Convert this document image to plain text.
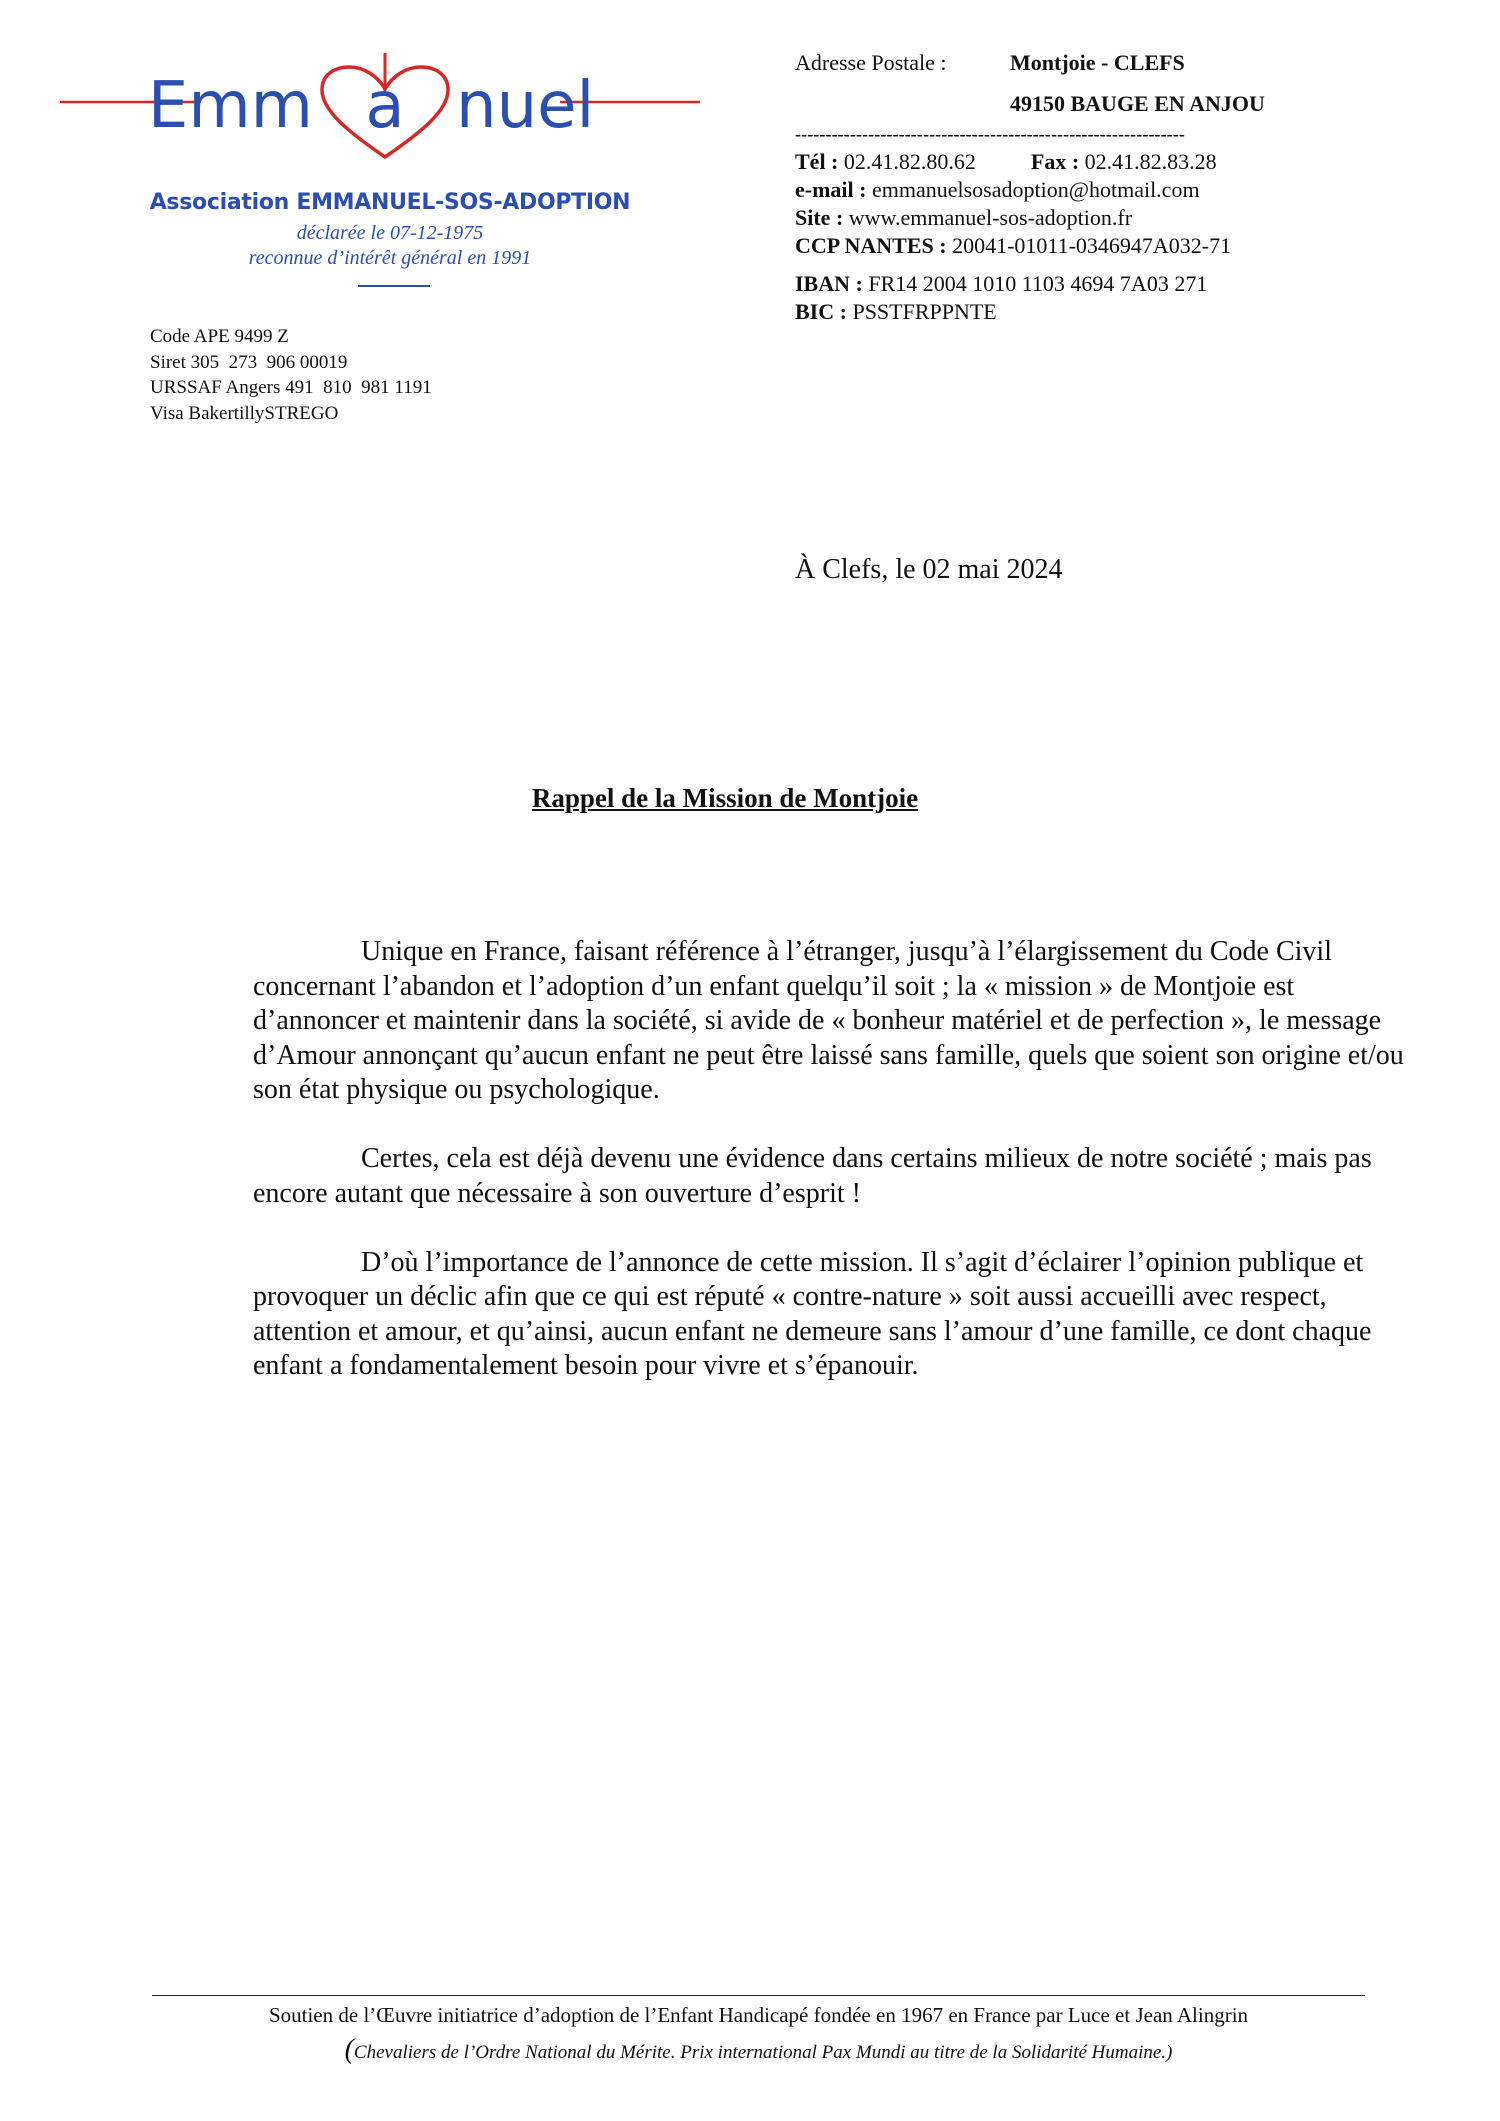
Emm a nuel
Association EMMANUEL-SOS-ADOPTION
déclarée le 07-12-1975
reconnue d’intérêt général en 1991
Code APE 9499 Z
Siret 305  273  906 00019
URSSAF Angers 491  810  981 1191
Visa BakertillySTREGO
Adresse Postale :	Montjoie - CLEFS
49150 BAUGE EN ANJOU
----------------------------------------------------------------
Tél : 02.41.82.80.62	Fax : 02.41.82.83.28
e-mail : emmanuelsosadoption@hotmail.com
Site : www.emmanuel-sos-adoption.fr
CCP NANTES : 20041-01011-0346947A032-71
IBAN : FR14 2004 1010 1103 4694 7A03 271
BIC : PSSTFRPPNTE
À Clefs, le 02 mai 2024
Rappel de la Mission de Montjoie

Unique en France, faisant référence à l’étranger, jusqu’à l’élargissement du Code Civil concernant l’abandon et l’adoption d’un enfant quelqu’il soit ; la « mission » de Montjoie est d’annoncer et maintenir dans la société, si avide de « bonheur matériel et de perfection », le message d’Amour annonçant qu’aucun enfant ne peut être laissé sans famille, quels que soient son origine et/ou son état physique ou psychologique.

Certes, cela est déjà devenu une évidence dans certains milieux de notre société ; mais pas encore autant que nécessaire à son ouverture d’esprit !

D’où l’importance de l’annonce de cette mission. Il s’agit d’éclairer l’opinion publique et provoquer un déclic afin que ce qui est réputé « contre-nature » soit aussi accueilli avec respect, attention et amour, et qu’ainsi, aucun enfant ne demeure sans l’amour d’une famille, ce dont chaque enfant a fondamentalement besoin pour vivre et s’épanouir.

Soutien de l’Œuvre initiatrice d’adoption de l’Enfant Handicapé fondée en 1967 en France par Luce et Jean Alingrin
(Chevaliers de l’Ordre National du Mérite. Prix international Pax Mundi au titre de la Solidarité Humaine.)
